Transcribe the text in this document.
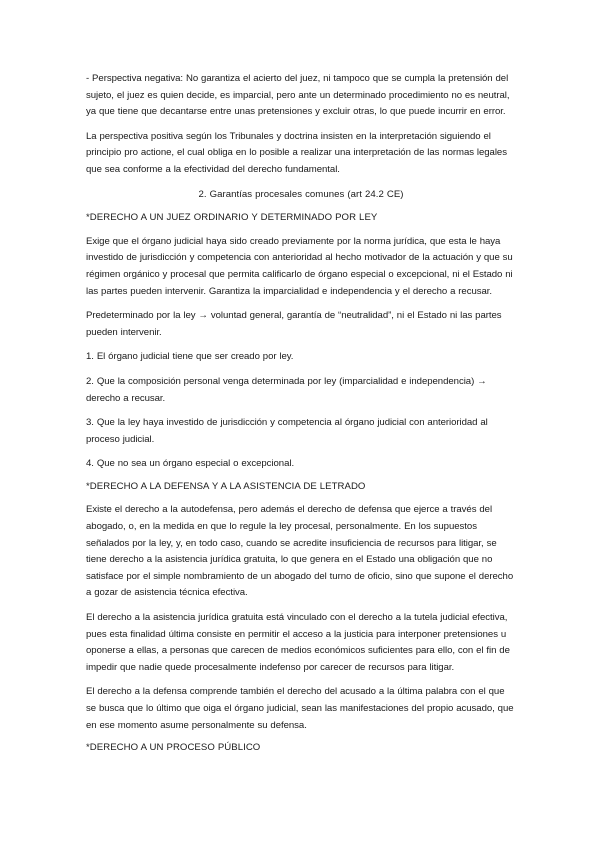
- Perspectiva negativa: No garantiza el acierto del juez, ni tampoco que se cumpla la pretensión del sujeto, el juez es quien decide, es imparcial, pero ante un determinado procedimiento no es neutral, ya que tiene que decantarse entre unas pretensiones y excluir otras, lo que puede incurrir en error.

La perspectiva positiva según los Tribunales y doctrina insisten en la interpretación siguiendo el principio pro actione, el cual obliga en lo posible a realizar una interpretación de las normas legales que sea conforme a la efectividad del derecho fundamental.

2. Garantías procesales comunes (art 24.2 CE)

*DERECHO A UN JUEZ ORDINARIO Y DETERMINADO POR LEY

Exige que el órgano judicial haya sido creado previamente por la norma jurídica, que esta le haya investido de jurisdicción y competencia con anterioridad al hecho motivador de la actuación y que su régimen orgánico y procesal que permita calificarlo de órgano especial o excepcional, ni el Estado ni las partes pueden intervenir. Garantiza la imparcialidad e independencia y el derecho a recusar.

Predeterminado por la ley → voluntad general, garantía de “neutralidad”, ni el Estado ni las partes pueden intervenir.

1. El órgano judicial tiene que ser creado por ley.

2. Que la composición personal venga determinada por ley (imparcialidad e independencia) → derecho a recusar.

3. Que la ley haya investido de jurisdicción y competencia al órgano judicial con anterioridad al proceso judicial.

4. Que no sea un órgano especial o excepcional.

*DERECHO A LA DEFENSA Y A LA ASISTENCIA DE LETRADO

Existe el derecho a la autodefensa, pero además el derecho de defensa que ejerce a través del abogado, o, en la medida en que lo regule la ley procesal, personalmente. En los supuestos señalados por la ley, y, en todo caso, cuando se acredite insuficiencia de recursos para litigar, se tiene derecho a la asistencia jurídica gratuita, lo que genera en el Estado una obligación que no satisface por el simple nombramiento de un abogado del turno de oficio, sino que supone el derecho a gozar de asistencia técnica efectiva.

El derecho a la asistencia jurídica gratuita está vinculado con el derecho a la tutela judicial efectiva, pues esta finalidad última consiste en permitir el acceso a la justicia para interponer pretensiones u oponerse a ellas, a personas que carecen de medios económicos suficientes para ello, con el fin de impedir que nadie quede procesalmente indefenso por carecer de recursos para litigar.

El derecho a la defensa comprende también el derecho del acusado a la última palabra con el que se busca que lo último que oiga el órgano judicial, sean las manifestaciones del propio acusado, que en ese momento asume personalmente su defensa.

*DERECHO A UN PROCESO PÚBLICO
